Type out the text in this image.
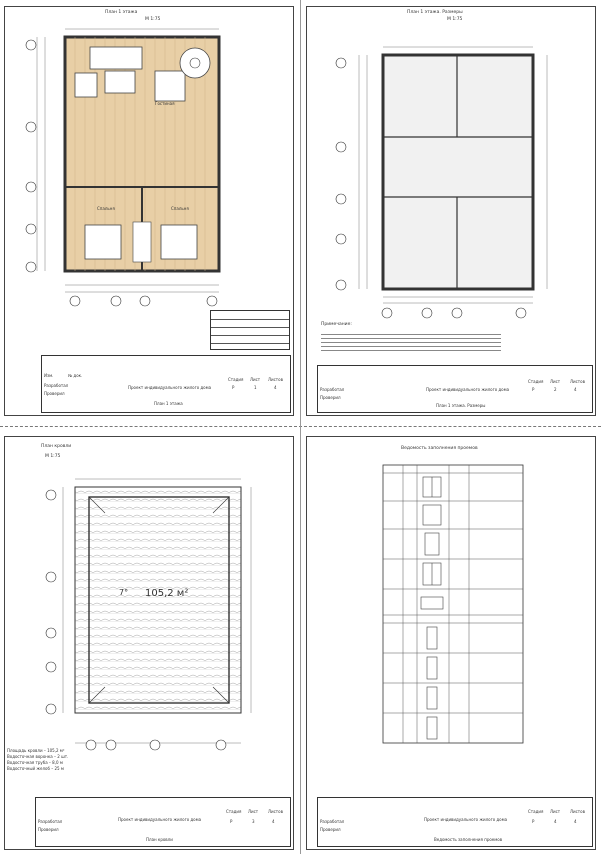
План 1 этажа
М 1:75
Гостиная
Спальня	Спальня
Изм.	№ док.
Разработал
Проверил
Проект индивидуального жилого дома
План 1 этажа
Стадия Лист Листов
Р	1	4
План 1 этажа. Размеры
М 1:75
Примечание:
Разработал
Проверил
Проект индивидуального жилого дома
План 1 этажа. Размеры
Стадия Лист Листов
Р	2	4
План кровли
М 1:75
7° 105,2 м²
Площадь кровли – 105,2 м²
Водосточная воронка – 2 шт.
Водосточная труба – 8,0 м
Водосточный желоб – 25 м
Разработал
Проверил
Проект индивидуального жилого дома
План кровли
Стадия Лист Листов
Р	3	4
Ведомость заполнения проемов
Разработал
Проверил
Проект индивидуального жилого дома
Ведомость заполнения проемов
Стадия Лист Листов
Р	4	4
